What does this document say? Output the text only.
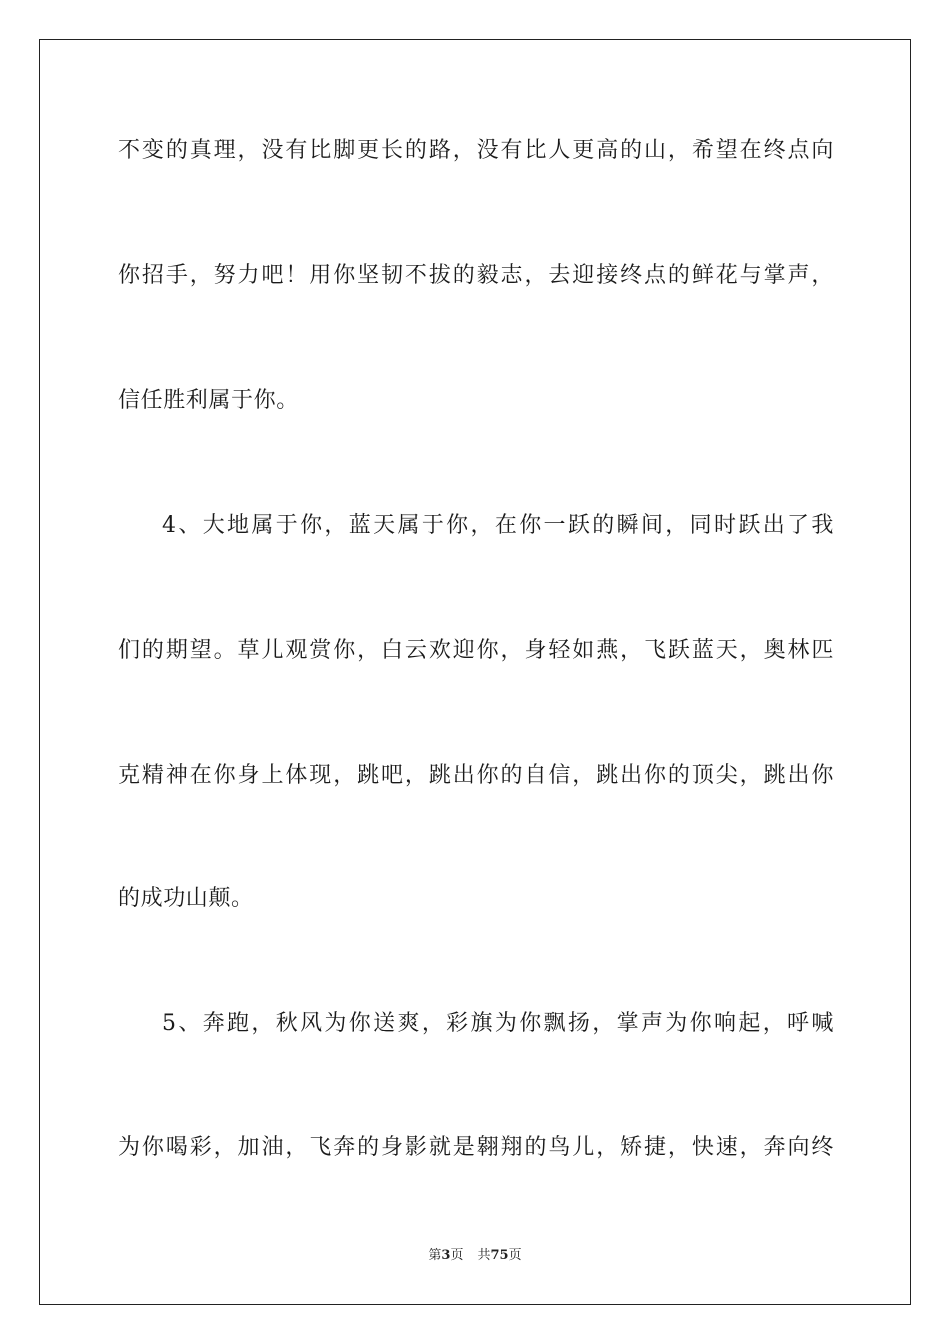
不变的真理，没有比脚更长的路，没有比人更高的山，希望在终点向
你招手，努力吧！用你坚韧不拔的毅志，去迎接终点的鲜花与掌声，
信任胜利属于你。
4、大地属于你，蓝天属于你，在你一跃的瞬间，同时跃出了我
们的期望。草儿观赏你，白云欢迎你，身轻如燕，飞跃蓝天，奥林匹
克精神在你身上体现，跳吧，跳出你的自信，跳出你的顶尖，跳出你
的成功山颠。
5、奔跑，秋风为你送爽，彩旗为你飘扬，掌声为你响起，呼喊
为你喝彩，加油，飞奔的身影就是翱翔的鸟儿，矫捷，快速，奔向终
第3页 共75页
